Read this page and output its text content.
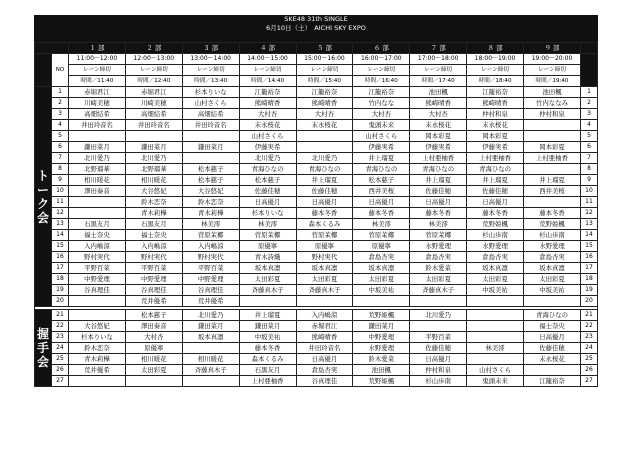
SKE48 31th SINGLE
6月10日（土）　AICHI SKY EXPO
		１ 部	２ 部	３ 部	４ 部	５ 部	６ 部	７ 部	８ 部	９ 部	
	NO	11:00～12:00	12:00～13:00	13:00～14:00	14:00～15:00	15:00～16:00	16:00～17:00	17:00～18:00	18:00～19:00	19:00～20:00	
		レーン締切	レーン締切	レーン締切	レーン締切	レーン締切	レーン締切	レーン締切	レーン締切	レーン締切	
		時間／11:40	時間／12:40	時間／13:40	時間／14:40	時間／15:40	時間／16:40	時間／17:40	時間／18:40	時間／19:40	
ト
ー
ク
会	1	赤堀君江	赤堀君江	杉本りいな	江籠裕奈	江籠裕奈	江籠裕奈	池田楓	江籠裕奈	池田楓	1
	2	川崎美穂	川崎美穂	山村さくら	熊崎晴香	熊崎晴香	竹内なな	熊崎晴香	熊崎晴香	竹内ななみ	2
	3	高畑結希	高畑結希	高畑結希	大村杏	大村杏	大村杏	大村杏	仲村和泉	仲村和泉	3
	4	井田玲音名	井田玲音名	井田玲音名	末永桜花	末永桜花	鬼頭未来	末永桜花	末永桜花		4
	5				山村さくら		山村さくら	岡本彩夏	岡本彩夏		5
	6	鎌田菜月	鎌田菜月	鎌田菜月	伊藤実希		伊藤実希	伊藤実希	伊藤実希	岡本彩夏	6
	7	北川愛乃	北川愛乃		北川愛乃	北川愛乃	井上瑠夏	上村亜柚香	上村亜柚香	上村亜柚香	7
	8	北野瑠華	北野瑠華	松本慈子	青海ひなの	青海ひなの	青海ひなの	青海ひなの	青海ひなの		8
	9	相川暖花	相川暖花	松本慈子	松本慈子	井上瑠夏	松本慈子	井上瑠夏	井上瑠夏	井上瑠夏	9
	10	澤田奏音	大谷悠妃	大谷悠妃	佐藤佳穂	佐藤佳穂	西井美桜	佐藤佳穂	佐藤佳穂	西井美桜	10
	11		鈴木恋奈	鈴木恋奈	日高優月	日高優月	日高優月	日高優月	日高優月		11
	12		青木莉樺	青木莉樺	杉本りいな	藤本冬香	藤本冬香	藤本冬香	藤本冬香	藤本冬香	12
	13	石黒友月	石黒友月	林美澪	林美澪	森本くるみ	林美澪	林美澪	荒野姫楓	荒野姫楓	13
	14	福士奈央	福士奈央	菅原茉椰	菅原茉椰	菅原茉椰	菅原茉椰	菅原茉椰	杉山歩南	杉山歩南	14
	15	入内嶋涼	入内嶋涼	入内嶋涼	原優寧	原優寧	原優寧	水野愛理	水野愛理	水野愛理	15
	16	野村実代	野村実代	野村実代	青木詩織	野村実代	倉島杏実	倉島杏実	倉島杏実	倉島杏実	16
	17	平野百菜	平野百菜	平野百菜	坂本真凛	坂本真凛	坂本真凛	鈴木愛菜	坂本真凛	坂本真凛	17
	18	中野愛理	中野愛理	中野愛理	太田彩夏	太田彩夏	太田彩夏	太田彩夏	太田彩夏	太田彩夏	18
	19	谷真理佳	谷真理佳	谷真理佳	斉藤真木子	斉藤真木子	中坂美祐	斉藤真木子	中坂美祐	中坂美祐	19
	20		荒井優希	荒井優希							20

握
手
会	21		松本慈子	北川愛乃	井上瑠夏	入内嶋涼	荒野姫楓	北川愛乃		青海ひなの	21
	22	大谷悠妃	澤田奏音	鎌田菜月	鎌田菜月	赤堀君江	鎌田菜月			福士奈央	22
	23	杉本りいな	大村杏	坂本真凛	中坂美祐	熊崎晴香	中野愛理	平野百菜		日高優月	23
	24	鈴木恋奈	原優寧		藤本冬香	井田玲音名	水野愛理	佐藤佳穂	林美澪	佐藤佳穂	24
	25	青木莉樺	相川暖花	相川暖花	森本くるみ	日高優月	鈴木愛菜	日高優月		末永桜花	25
	26	荒井優希	太田彩夏	斉藤真木子	石黒友月	倉島杏実	池田楓	仲村和泉	山村さくら		26
	27				上村亜柚香	谷真理佳	荒野姫楓	杉山歩南	鬼頭未来	江籠裕奈	27
